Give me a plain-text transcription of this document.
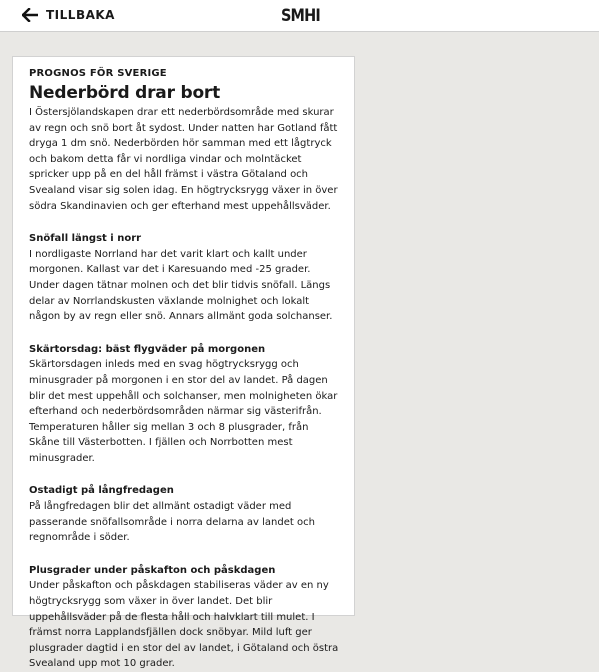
TILLBAKA	SMHI
PROGNOS FÖR SVERIGE
Nederbörd drar bort

I Östersjölandskapen drar ett nederbördsområde med skurar av regn och snö bort åt sydost. Under natten har Gotland fått dryga 1 dm snö. Nederbörden hör samman med ett lågtryck och bakom detta får vi nordliga vindar och molntäcket spricker upp på en del håll främst i västra Götaland och Svealand visar sig solen idag. En högtrycksrygg växer in över södra Skandinavien och ger efterhand mest uppehållsväder.

Snöfall längst i norr

I nordligaste Norrland har det varit klart och kallt under morgonen. Kallast var det i Karesuando med -25 grader. Under dagen tätnar molnen och det blir tidvis snöfall. Längs delar av Norrlandskusten växlande molnighet och lokalt någon by av regn eller snö. Annars allmänt goda solchanser.

Skärtorsdag: bäst flygväder på morgonen

Skärtorsdagen inleds med en svag högtrycksrygg och minusgrader på morgonen i en stor del av landet. På dagen blir det mest uppehåll och solchanser, men molnigheten ökar efterhand och nederbördsområden närmar sig västerifrån. Temperaturen håller sig mellan 3 och 8 plusgrader, från Skåne till Västerbotten. I fjällen och Norrbotten mest minusgrader.

Ostadigt på långfredagen

På långfredagen blir det allmänt ostadigt väder med passerande snöfallsområde i norra delarna av landet och regnområde i söder.

Plusgrader under påskafton och påskdagen

Under påskafton och påskdagen stabiliseras väder av en ny högtrycksrygg som växer in över landet. Det blir uppehållsväder på de flesta håll och halvklart till mulet. I främst norra Lapplandsfjällen dock snöbyar. Mild luft ger plusgrader dagtid i en stor del av landet, i Götaland och östra Svealand upp mot 10 grader.
